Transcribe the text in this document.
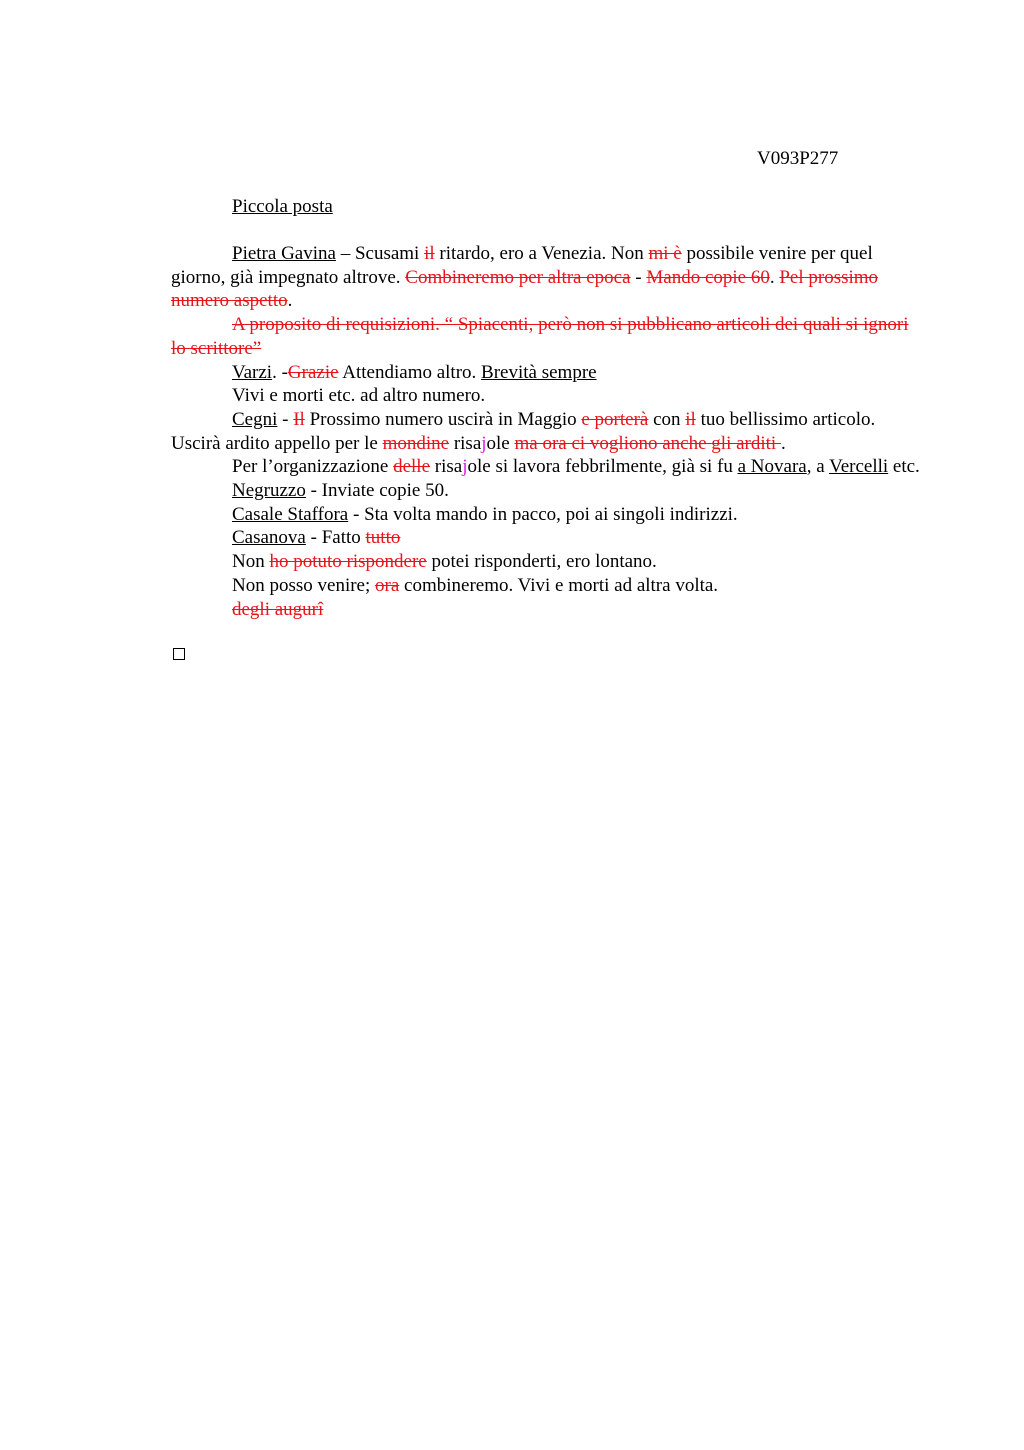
V093P277
Piccola posta

Pietra Gavina – Scusami il ritardo, ero a Venezia. Non mi è possibile venire per quel giorno, già impegnato altrove. Combineremo per altra epoca - Mando copie 60. Pel prossimo numero aspetto.

A proposito di requisizioni. “ Spiacenti, però non si pubblicano articoli dei quali si ignori lo scrittore”

Varzi. -Grazie Attendiamo altro. Brevità sempre

Vivi e morti etc. ad altro numero.

Cegni - Il Prossimo numero uscirà in Maggio e porterà con il tuo bellissimo articolo. Uscirà ardito appello per le mondine risajole ma ora ci vogliono anche gli arditi .

Per l’organizzazione delle risajole si lavora febbrilmente, già si fu a Novara, a Vercelli etc.

Negruzzo - Inviate copie 50.

Casale Staffora - Sta volta mando in pacco, poi ai singoli indirizzi.

Casanova - Fatto tutto

Non ho potuto rispondere potei risponderti, ero lontano.

Non posso venire; ora combineremo. Vivi e morti ad altra volta.

degli augurî
